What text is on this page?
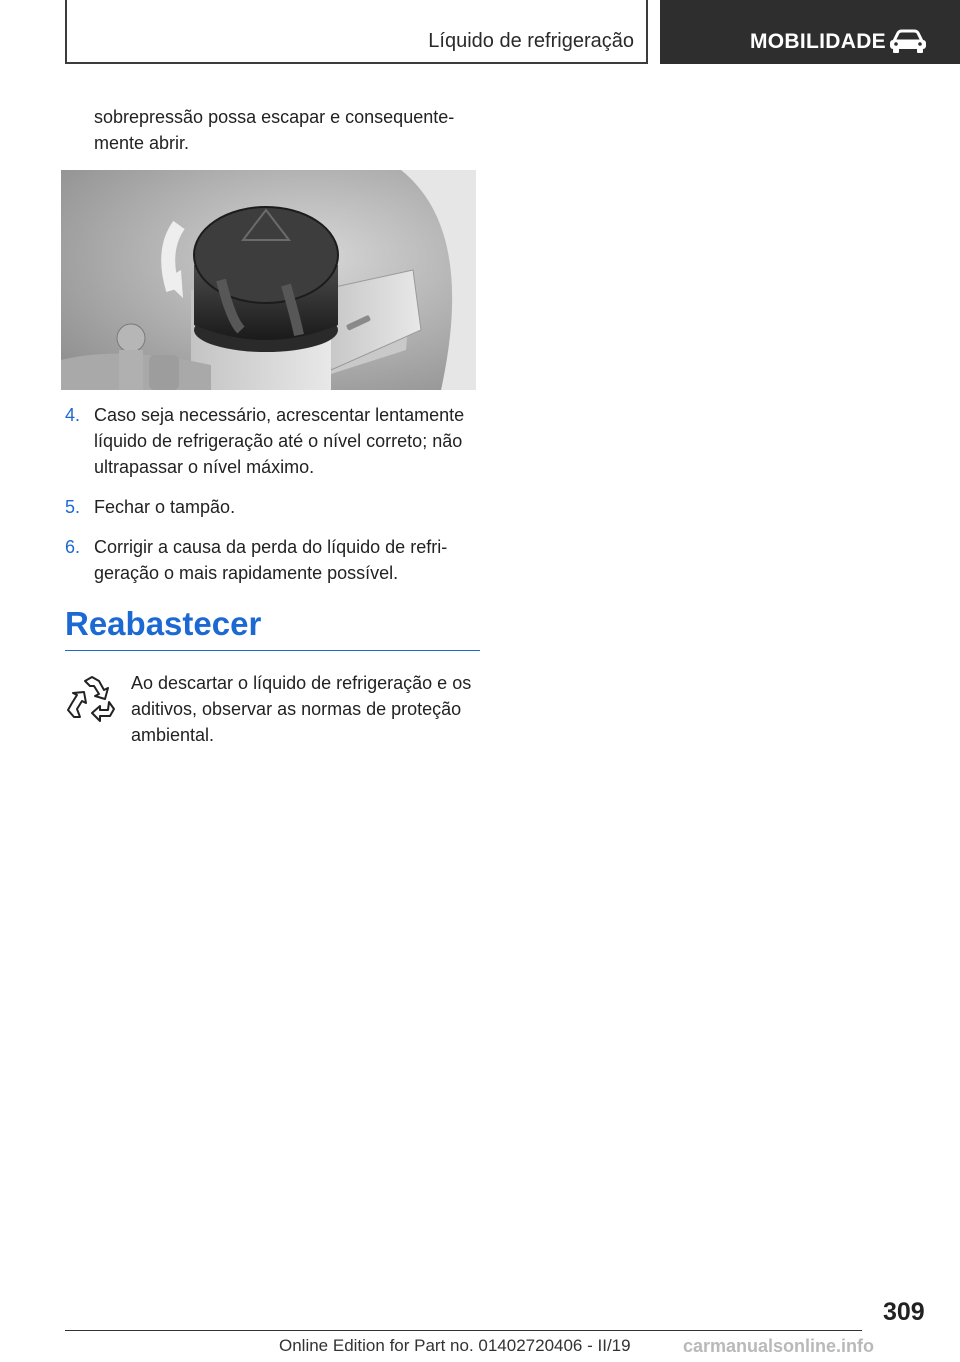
Líquido de refrigeração	MOBILIDADE

sobrepressão possa escapar e consequentemente abrir.

4. Caso seja necessário, acrescentar lentamente líquido de refrigeração até o nível correto; não ultrapassar o nível máximo.
5. Fechar o tampão.
6. Corrigir a causa da perda do líquido de refrigeração o mais rapidamente possível.
Reabastecer

Ao descartar o líquido de refrigeração e os aditivos, observar as normas de proteção ambiental.

309
Online Edition for Part no. 01402720406 - II/19	carmanualsonline.info
